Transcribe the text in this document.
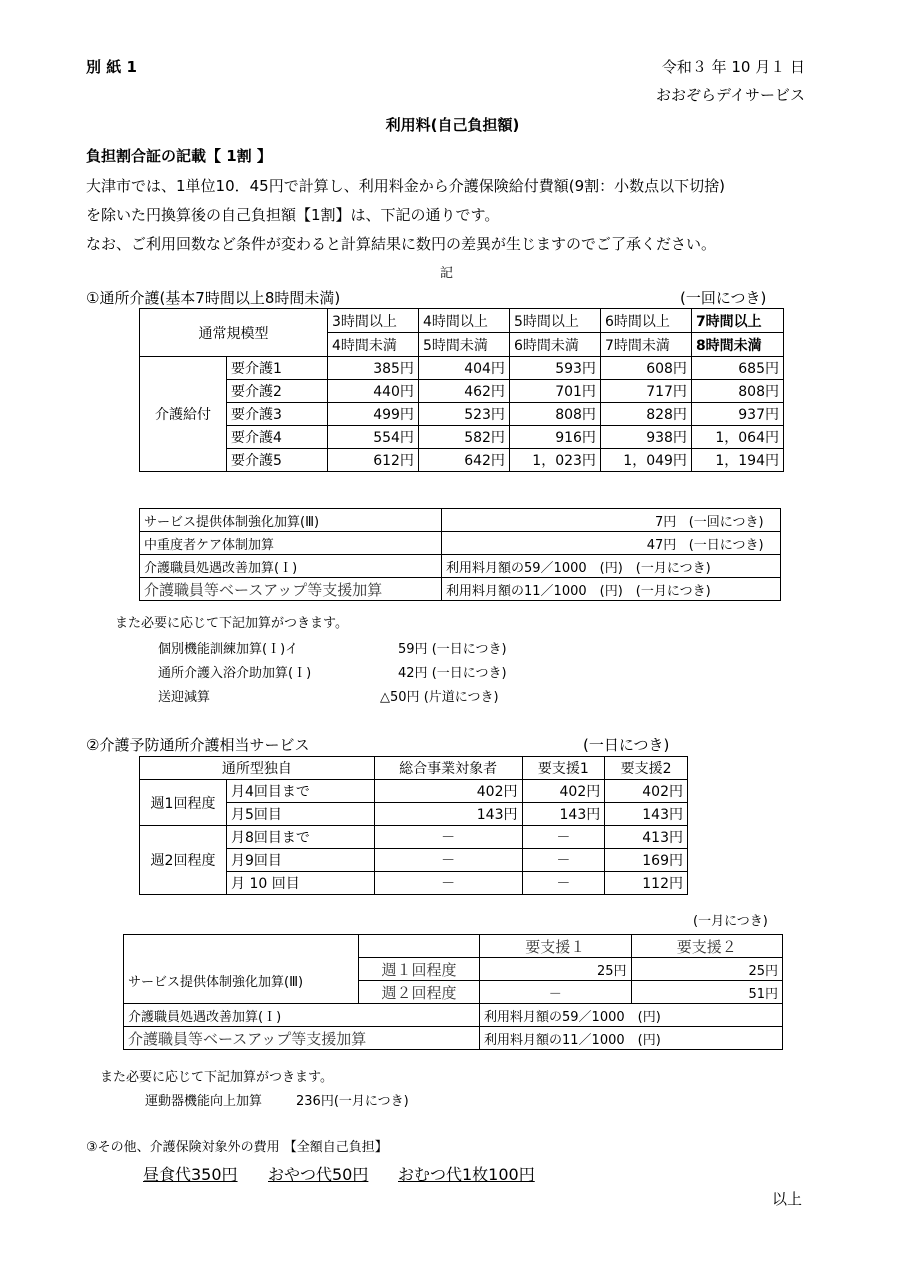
別 紙 1	令和３ 年 10 月１ 日
おおぞらデイサービス
利用料(自己負担額)
負担割合証の記載【 1割 】
大津市では、1単位10．45円で計算し、利用料金から介護保険給付費額(9割：小数点以下切捨)
を除いた円換算後の自己負担額【1割】は、下記の通りです。
なお、ご利用回数など条件が変わると計算結果に数円の差異が生じますのでご了承ください。
記
①通所介護(基本7時間以上8時間未満)	(一回につき)
通常規模型		3時間以上	4時間以上	5時間以上	6時間以上	7時間以上
		4時間未満	5時間未満	6時間未満	7時間未満	8時間未満
介護給付	要介護1	385円	404円	593円	608円	685円
	要介護2	440円	462円	701円	717円	808円
	要介護3	499円	523円	808円	828円	937円
	要介護4	554円	582円	916円	938円	1，064円
	要介護5	612円	642円	1，023円	1，049円	1，194円
サービス提供体制強化加算(Ⅲ)	7円 (一回につき)
中重度者ケア体制加算	47円 (一日につき)
介護職員処遇改善加算(Ｉ)	利用料月額の59／1000　(円)　(一月につき)
介護職員等ベースアップ等支援加算	利用料月額の11／1000　(円)　(一月につき)
また必要に応じて下記加算がつきます。
個別機能訓練加算(Ｉ)イ	59円 (一日につき)
通所介護入浴介助加算(Ｉ)	42円 (一日につき)
送迎減算	△50円 (片道につき)
②介護予防通所介護相当サービス	(一日につき)
通所型独自		総合事業対象者	要支援1	要支援2
週1回程度	月4回目まで	402円	402円	402円
	月5回目	143円	143円	143円
週2回程度	月8回目まで	－	－	413円
	月9回目	－	－	169円
	月 10 回目	－	－	112円
(一月につき)
		要支援１	要支援２
サービス提供体制強化加算(Ⅲ)	週１回程度	25円	25円
	週２回程度	－	51円
介護職員処遇改善加算(Ｉ)		利用料月額の59／1000　(円)	
介護職員等ベースアップ等支援加算		利用料月額の11／1000　(円)	
また必要に応じて下記加算がつきます。
運動器機能向上加算	236円(一月につき)
③その他、介護保険対象外の費用 【全額自己負担】
昼食代350円 おやつ代50円 おむつ代1枚100円
以上
